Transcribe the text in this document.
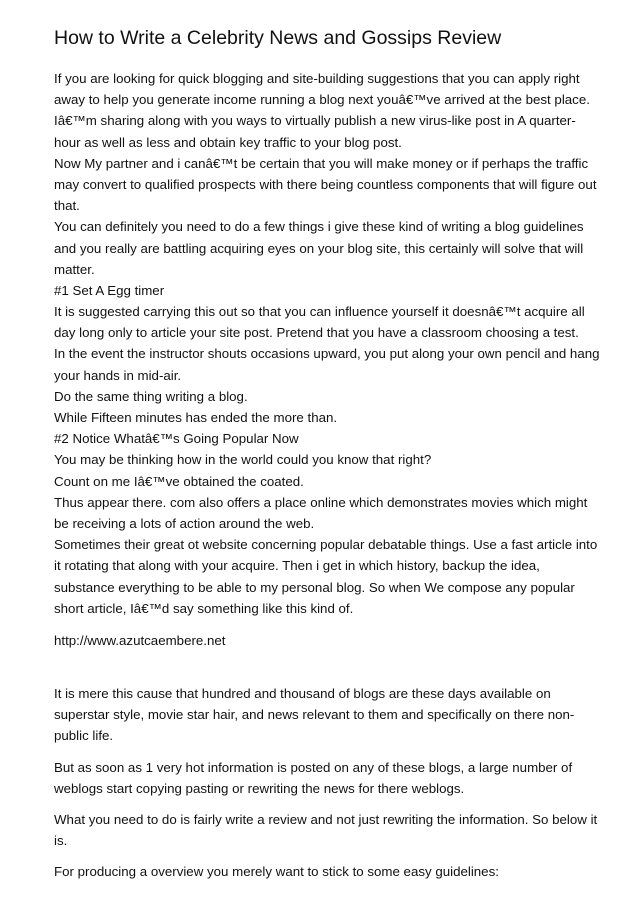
How to Write a Celebrity News and Gossips Review
If you are looking for quick blogging and site-building suggestions that you can apply right
away to help you generate income running a blog next youâ€™ve arrived at the best place.
Iâ€™m sharing along with you ways to virtually publish a new virus-like post in A quarter-
hour as well as less and obtain key traffic to your blog post.
Now My partner and i canâ€™t be certain that you will make money or if perhaps the traffic
may convert to qualified prospects with there being countless components that will figure out
that.
You can definitely you need to do a few things i give these kind of writing a blog guidelines
and you really are battling acquiring eyes on your blog site, this certainly will solve that will
matter.
#1 Set A Egg timer
It is suggested carrying this out so that you can influence yourself it doesnâ€™t acquire all
day long only to article your site post. Pretend that you have a classroom choosing a test.
In the event the instructor shouts occasions upward, you put along your own pencil and hang
your hands in mid-air.
Do the same thing writing a blog.
While Fifteen minutes has ended the more than.
#2 Notice Whatâ€™s Going Popular Now
You may be thinking how in the world could you know that right?
Count on me Iâ€™ve obtained the coated.
Thus appear there. com also offers a place online which demonstrates movies which might
be receiving a lots of action around the web.
Sometimes their great ot website concerning popular debatable things. Use a fast article into
it rotating that along with your acquire. Then i get in which history, backup the idea,
substance everything to be able to my personal blog. So when We compose any popular
short article, Iâ€™d say something like this kind of.
http://www.azutcaembere.net
It is mere this cause that hundred and thousand of blogs are these days available on
superstar style, movie star hair, and news relevant to them and specifically on there non-
public life.
But as soon as 1 very hot information is posted on any of these blogs, a large number of
weblogs start copying pasting or rewriting the news for there weblogs.
What you need to do is fairly write a review and not just rewriting the information. So below it
is.
For producing a overview you merely want to stick to some easy guidelines:
